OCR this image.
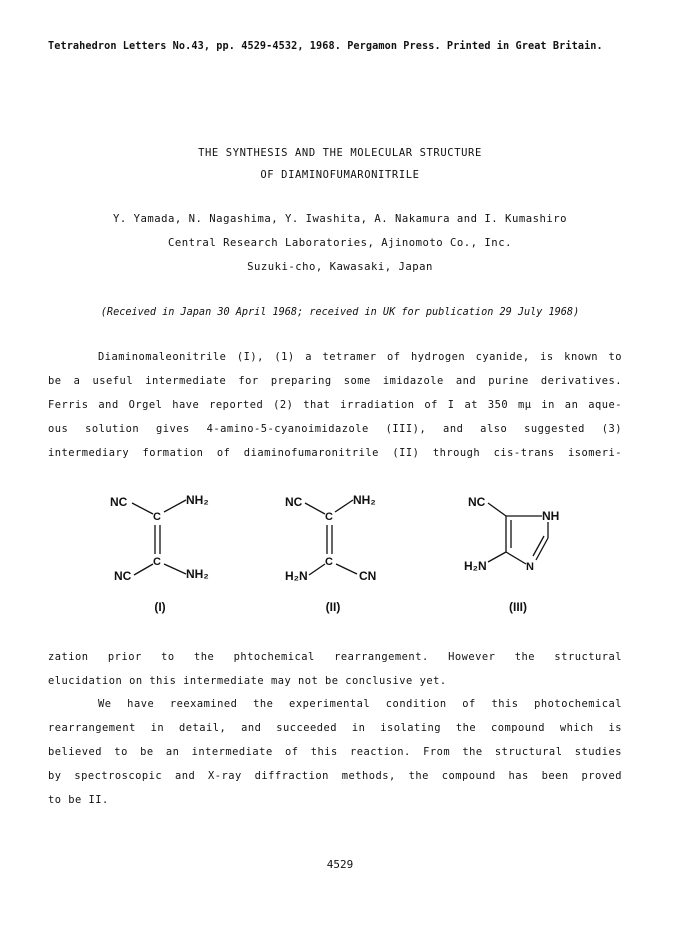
Tetrahedron Letters No.43, pp. 4529-4532, 1968. Pergamon Press. Printed in Great Britain.
THE SYNTHESIS AND THE MOLECULAR STRUCTURE
OF DIAMINOFUMARONITRILE
Y. Yamada, N. Nagashima, Y. Iwashita, A. Nakamura and I. Kumashiro
Central Research Laboratories, Ajinomoto Co., Inc.
Suzuki-cho, Kawasaki, Japan
(Received in Japan 30 April 1968; received in UK for publication 29 July 1968)
Diaminomaleonitrile (I), (1) a tetramer of hydrogen cyanide, is known to
be a useful intermediate for preparing some imidazole and purine derivatives.
Ferris and Orgel have reported (2) that irradiation of I at 350 mμ in an aque-
ous solution gives 4-amino-5-cyanoimidazole (III), and also suggested (3)
intermediary formation of diaminofumaronitrile (II) through cis-trans isomeri-
NC	NH₂
C
C
NC	NH₂
(I)
NC	NH₂
C
C
H₂N	CN
(II)
NC
NH
H₂N	N
(III)
zation prior to the phtochemical rearrangement. However the structural
elucidation on this intermediate may not be conclusive yet.
We have reexamined the experimental condition of this photochemical
rearrangement in detail, and succeeded in isolating the compound which is
believed to be an intermediate of this reaction. From the structural studies
by spectroscopic and X-ray diffraction methods, the compound has been proved
to be II.
4529
